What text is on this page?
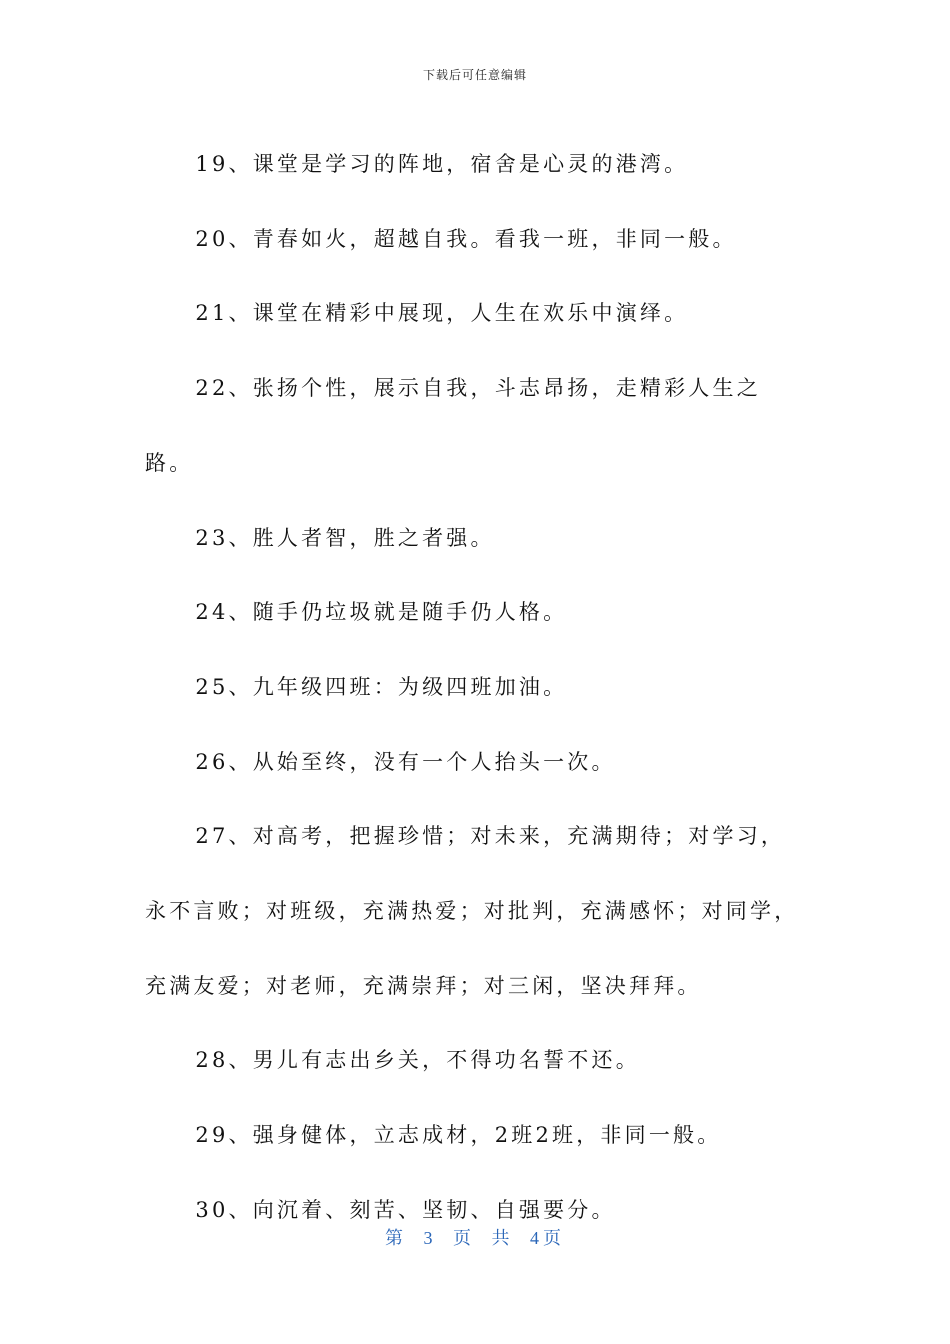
下载后可任意编辑

19、课堂是学习的阵地，宿舍是心灵的港湾。

20、青春如火，超越自我。看我一班，非同一般。

21、课堂在精彩中展现，人生在欢乐中演绎。

22、张扬个性，展示自我，斗志昂扬，走精彩人生之路。

23、胜人者智，胜之者强。

24、随手仍垃圾就是随手仍人格。

25、九年级四班：为级四班加油。

26、从始至终，没有一个人抬头一次。

27、对高考，把握珍惜；对未来，充满期待；对学习，永不言败；对班级，充满热爱；对批判，充满感怀；对同学，充满友爱；对老师，充满崇拜；对三闲，坚决拜拜。

28、男儿有志出乡关，不得功名誓不还。

29、强身健体，立志成材，2班2班，非同一般。

30、向沉着、刻苦、坚韧、自强要分。

第 3 页 共 4页
